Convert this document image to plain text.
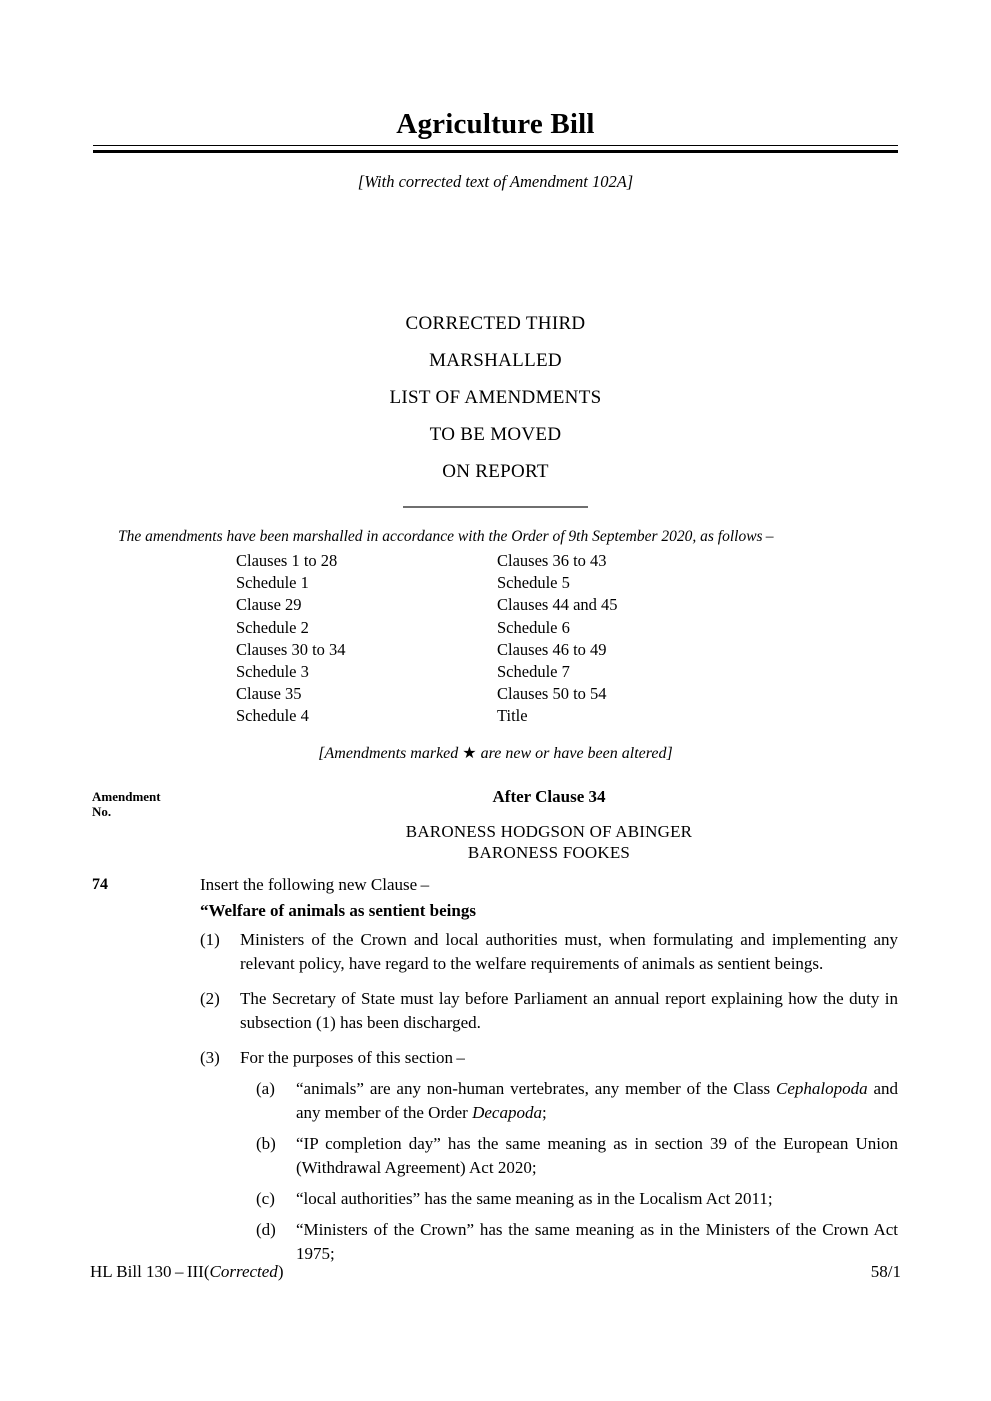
Agriculture Bill
[With corrected text of Amendment 102A]
CORRECTED THIRD
MARSHALLED
LIST OF AMENDMENTS
TO BE MOVED
ON REPORT
The amendments have been marshalled in accordance with the Order of 9th September 2020, as follows –
Clauses 1 to 28	Clauses 36 to 43
Schedule 1	Schedule 5
Clause 29	Clauses 44 and 45
Schedule 2	Schedule 6
Clauses 30 to 34	Clauses 46 to 49
Schedule 3	Schedule 7
Clause 35	Clauses 50 to 54
Schedule 4	Title
[Amendments marked ★ are new or have been altered]
Amendment
No.
After Clause 34
BARONESS HODGSON OF ABINGER
BARONESS FOOKES
74	Insert the following new Clause –
“Welfare of animals as sentient beings
(1)	Ministers of the Crown and local authorities must, when formulating and implementing any relevant policy, have regard to the welfare requirements of animals as sentient beings.
(2)	The Secretary of State must lay before Parliament an annual report explaining how the duty in subsection (1) has been discharged.
(3)	For the purposes of this section –
(a)	“animals” are any non-human vertebrates, any member of the Class Cephalopoda and any member of the Order Decapoda;
(b)	“IP completion day” has the same meaning as in section 39 of the European Union (Withdrawal Agreement) Act 2020;
(c)	“local authorities” has the same meaning as in the Localism Act 2011;
(d)	“Ministers of the Crown” has the same meaning as in the Ministers of the Crown Act 1975;
HL Bill 130 – III(Corrected)	58/1
